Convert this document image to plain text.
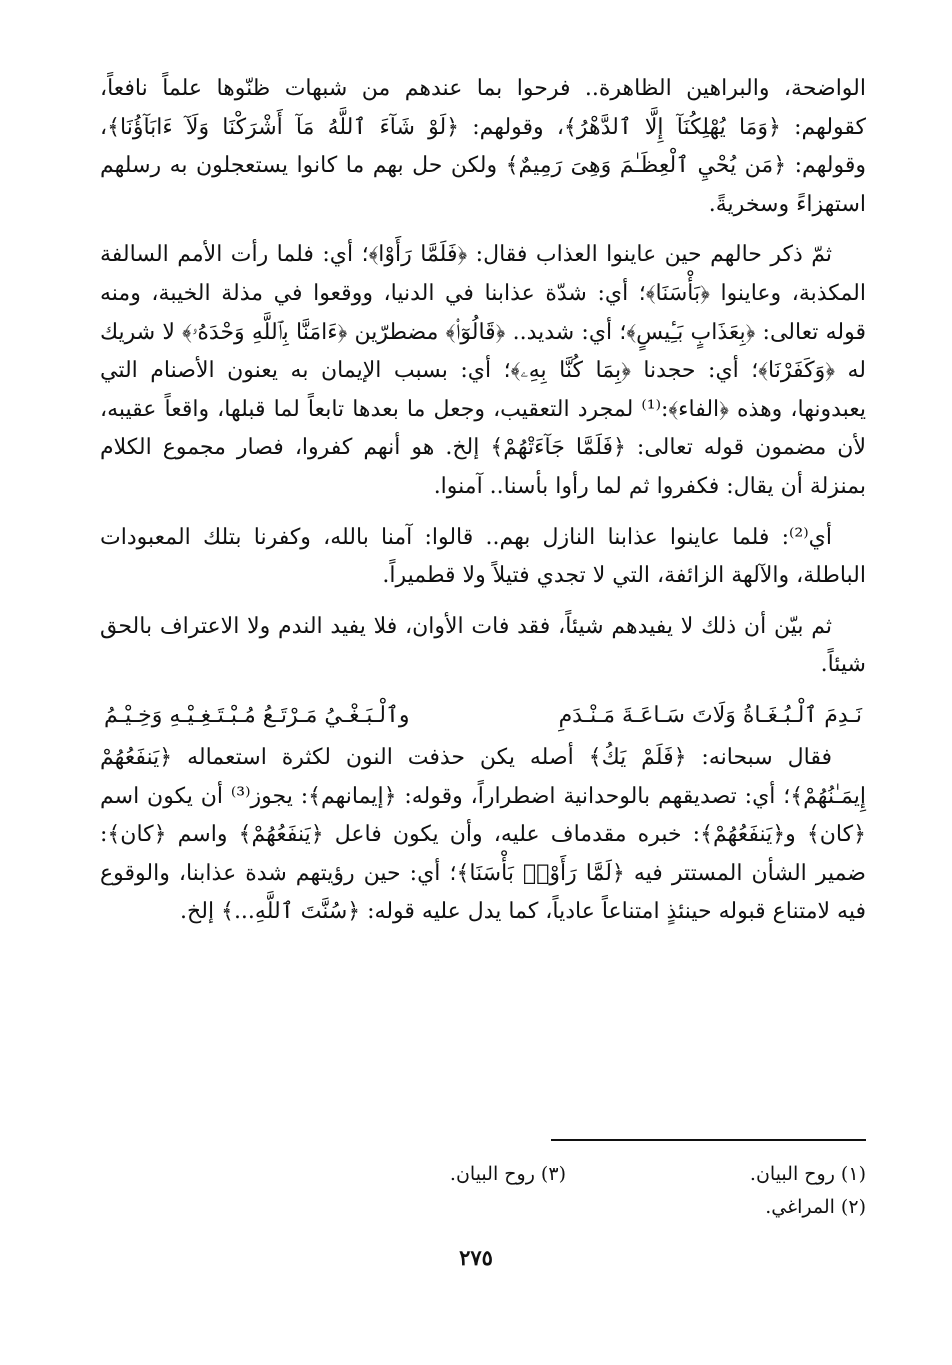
الواضحة، والبراهين الظاهرة.. فرحوا بما عندهم من شبهات ظنّوها علماً نافعاً، كقولهم: ﴿وَمَا يُهْلِكُنَآ إِلَّا ٱلدَّهْرُ﴾، وقولهم: ﴿لَوْ شَآءَ ٱللَّهُ مَآ أَشْرَكْنَا وَلَآ ءَابَآؤُنَا﴾، وقولهم: ﴿مَن يُحْيِ ٱلْعِظَـٰمَ وَهِىَ رَمِيمٌ﴾ ولكن حل بهم ما كانوا يستعجلون به رسلهم استهزاءً وسخريةً.

ثمّ ذكر حالهم حين عاينوا العذاب فقال: ﴿فَلَمَّا رَأَوْا﴾؛ أي: فلما رأت الأمم السالفة المكذبة، وعاينوا ﴿بَأْسَنَا﴾؛ أي: شدّة عذابنا في الدنيا، ووقعوا في مذلة الخيبة، ومنه قوله تعالى: ﴿بِعَذَابٍ بَـِٔيسٍ﴾؛ أي: شديد.. ﴿قَالُوٓا۟﴾ مضطرّين ﴿ءَامَنَّا بِٱللَّهِ وَحْدَهُۥ﴾ لا شريك له ﴿وَكَفَرْنَا﴾؛ أي: حجدنا ﴿بِمَا كُنَّا بِهِۦ﴾؛ أي: بسبب الإيمان به يعنون الأصنام التي يعبدونها، وهذه ﴿الفاء﴾:⁽¹⁾ لمجرد التعقيب، وجعل ما بعدها تابعاً لما قبلها، واقعاً عقيبه، لأن مضمون قوله تعالى: ﴿فَلَمَّا جَآءَتْهُمْ﴾ إلخ. هو أنهم كفروا، فصار مجموع الكلام بمنزلة أن يقال: فكفروا ثم لما رأوا بأسنا.. آمنوا.

أي⁽²⁾: فلما عاينوا عذابنا النازل بهم.. قالوا: آمنا بالله، وكفرنا بتلك المعبودات الباطلة، والآلهة الزائفة، التي لا تجدي فتيلاً ولا قطميراً.

ثم بيّن أن ذلك لا يفيدهم شيئاً، فقد فات الأوان، فلا يفيد الندم ولا الاعتراف بالحق شيئاً.

نَـدِمَ ٱلْـبُـغَـاةُ وَلَاتَ سَـاعَـةَ مَـنْـدَمِ
وٱلْـبَـغْـيُ مَـرْتَـعُ مُـبْـتَـغِـيْـهِ وَخِـيْـمُ

فقال سبحانه: ﴿فَلَمْ يَكُ﴾ أصله يكن حذفت النون لكثرة استعماله ﴿يَنفَعُهُمْ إِيمَـٰنُهُمْ﴾؛ أي: تصديقهم بالوحدانية اضطراراً، وقوله: ﴿إيمانهم﴾: يجوز⁽³⁾ أن يكون اسم ﴿كان﴾ و﴿يَنفَعُهُمْ﴾: خبره مقدماف عليه، وأن يكون فاعل ﴿يَنفَعُهُمْ﴾ واسم ﴿كان﴾: ضمير الشأن المستتر فيه ﴿لَمَّا رَأَوْا۟ بَأْسَنَا﴾؛ أي: حين رؤيتهم شدة عذابنا، والوقوع فيه لامتناع قبوله حينئذٍ امتناعاً عادياً، كما يدل عليه قوله: ﴿سُنَّتَ ٱللَّهِ...﴾ إلخ.

(١) روح البيان.
(٣) روح البيان.
(٢) المراغي.
٢٧٥
